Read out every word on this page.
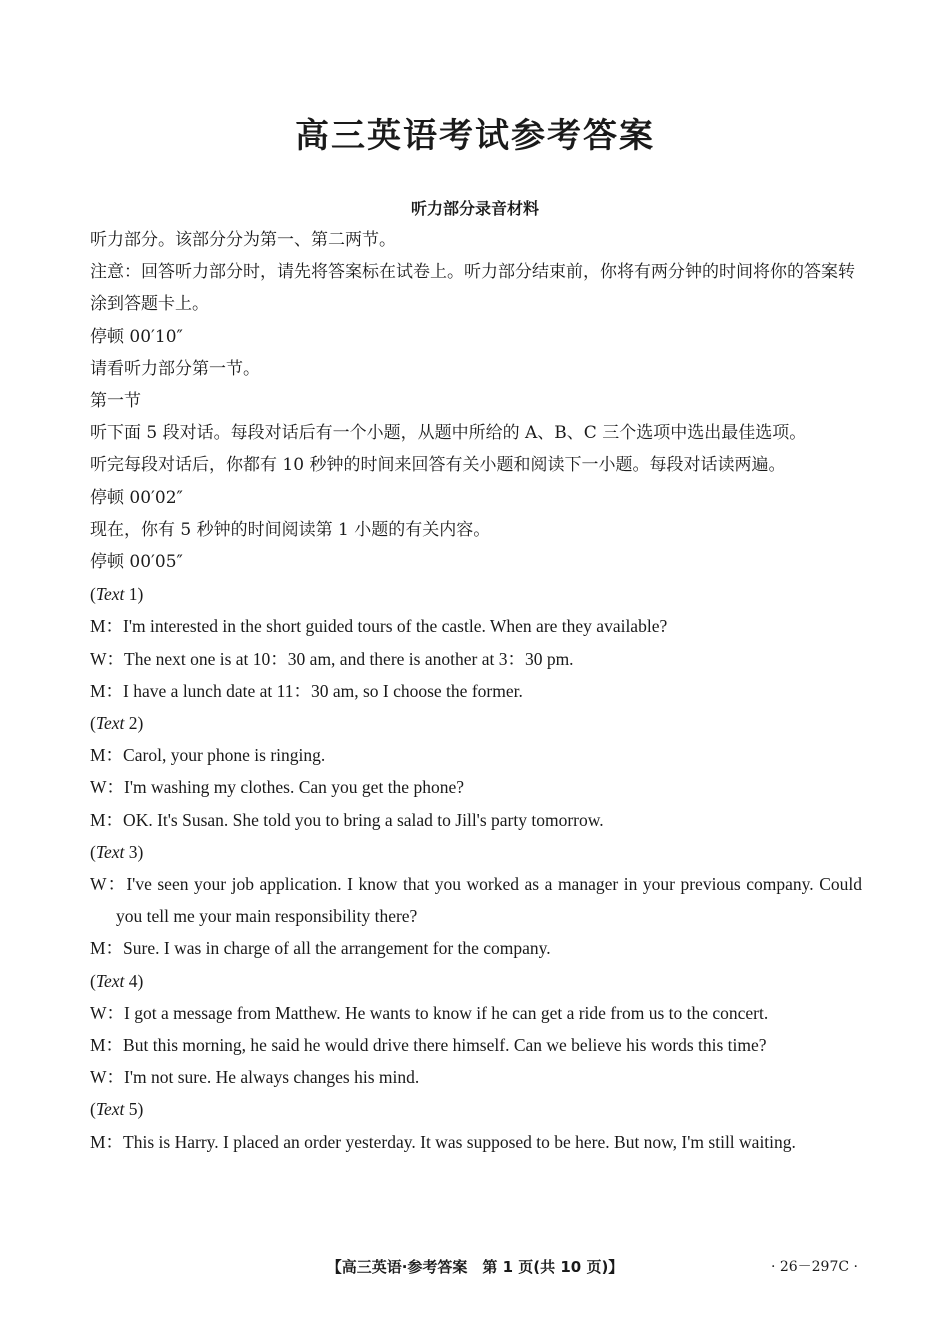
高三英语考试参考答案
听力部分录音材料
听力部分。该部分分为第一、第二两节。
注意：回答听力部分时，请先将答案标在试卷上。听力部分结束前，你将有两分钟的时间将你的答案转涂到答题卡上。
停顿 00′10″
请看听力部分第一节。
第一节
听下面 5 段对话。每段对话后有一个小题，从题中所给的 A、B、C 三个选项中选出最佳选项。
听完每段对话后，你都有 10 秒钟的时间来回答有关小题和阅读下一小题。每段对话读两遍。
停顿 00′02″
现在，你有 5 秒钟的时间阅读第 1 小题的有关内容。
停顿 00′05″
(Text 1)
M：I'm interested in the short guided tours of the castle. When are they available?
W：The next one is at 10：30 am, and there is another at 3：30 pm.
M：I have a lunch date at 11：30 am, so I choose the former.
(Text 2)
M：Carol, your phone is ringing.
W：I'm washing my clothes. Can you get the phone?
M：OK. It's Susan. She told you to bring a salad to Jill's party tomorrow.
(Text 3)
W：I've seen your job application. I know that you worked as a manager in your previous company. Could you tell me your main responsibility there?
M：Sure. I was in charge of all the arrangement for the company.
(Text 4)
W：I got a message from Matthew. He wants to know if he can get a ride from us to the concert.
M：But this morning, he said he would drive there himself. Can we believe his words this time?
W：I'm not sure. He always changes his mind.
(Text 5)
M：This is Harry. I placed an order yesterday. It was supposed to be here. But now, I'm still waiting.
【高三英语·参考答案　第 1 页(共 10 页)】	· 26－297C ·
